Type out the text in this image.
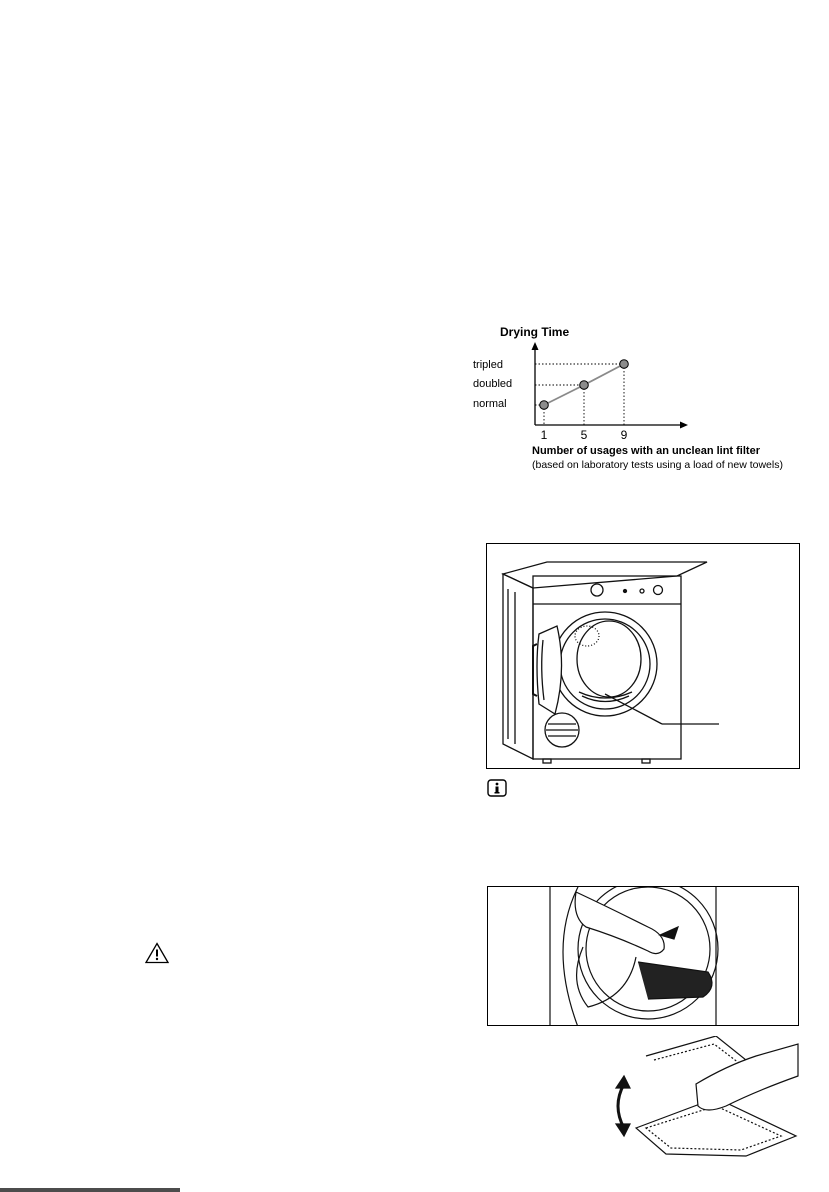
Drying Time
tripled
doubled
normal
1	5	9
Number of usages with an unclean lint filter
(based on laboratory tests using a load of new towels)
